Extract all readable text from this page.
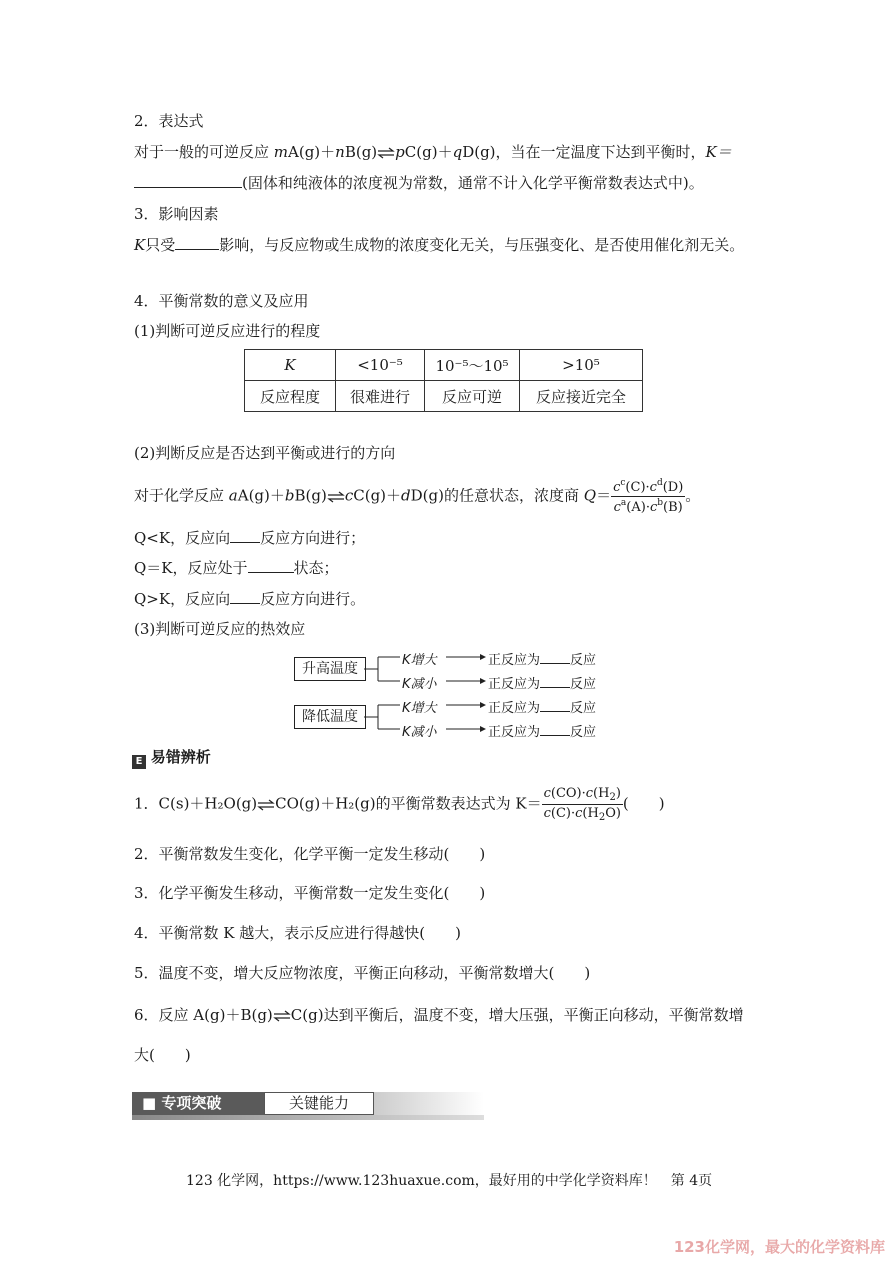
2．表达式
对于一般的可逆反应 mA(g)＋nB(g)⇌pC(g)＋qD(g)，当在一定温度下达到平衡时，K＝
(固体和纯液体的浓度视为常数，通常不计入化学平衡常数表达式中)。
3．影响因素
K只受	影响，与反应物或生成物的浓度变化无关，与压强变化、是否使用催化剂无关。
4．平衡常数的意义及应用
(1)判断可逆反应进行的程度
K	<10⁻⁵	10⁻⁵～10⁵	>10⁵
反应程度	很难进行	反应可逆	反应接近完全
(2)判断反应是否达到平衡或进行的方向
对于化学反应 aA(g)＋bB(g)⇌cC(g)＋dD(g)的任意状态，浓度商 $Q= \frac{c^c(C)\cdot c^d(D)}{c^a(A)\cdot c^b(B)}$ 。
Q<K，反应向 反应方向进行；
Q＝K，反应处于	状态；
Q>K，反应向 反应方向进行。
(3)判断可逆反应的热效应
升高温度
降低温度
K增大
K减小
K增大
K减小
正反应为 反应
正反应为 反应
正反应为 反应
正反应为 反应
E 易错辨析
1．C(s)＋H₂O(g)⇌CO(g)＋H₂(g)的平衡常数表达式为 $K= \frac{c(CO)\cdot c(H_2)}{c(C)\cdot c(H_2O)}$ (　　)
2．平衡常数发生变化，化学平衡一定发生移动(　　)
3．化学平衡发生移动，平衡常数一定发生变化(　　)
4．平衡常数 K 越大，表示反应进行得越快(　　)
5．温度不变，增大反应物浓度，平衡正向移动，平衡常数增大(　　)
6．反应 A(g)＋B(g)⇌C(g)达到平衡后，温度不变，增大压强，平衡正向移动，平衡常数增
大(　　)
■ 专项突破	关键能力
123 化学网，https://www.123huaxue.com，最好用的中学化学资料库！　第 4页
123化学网，最大的化学资料库
